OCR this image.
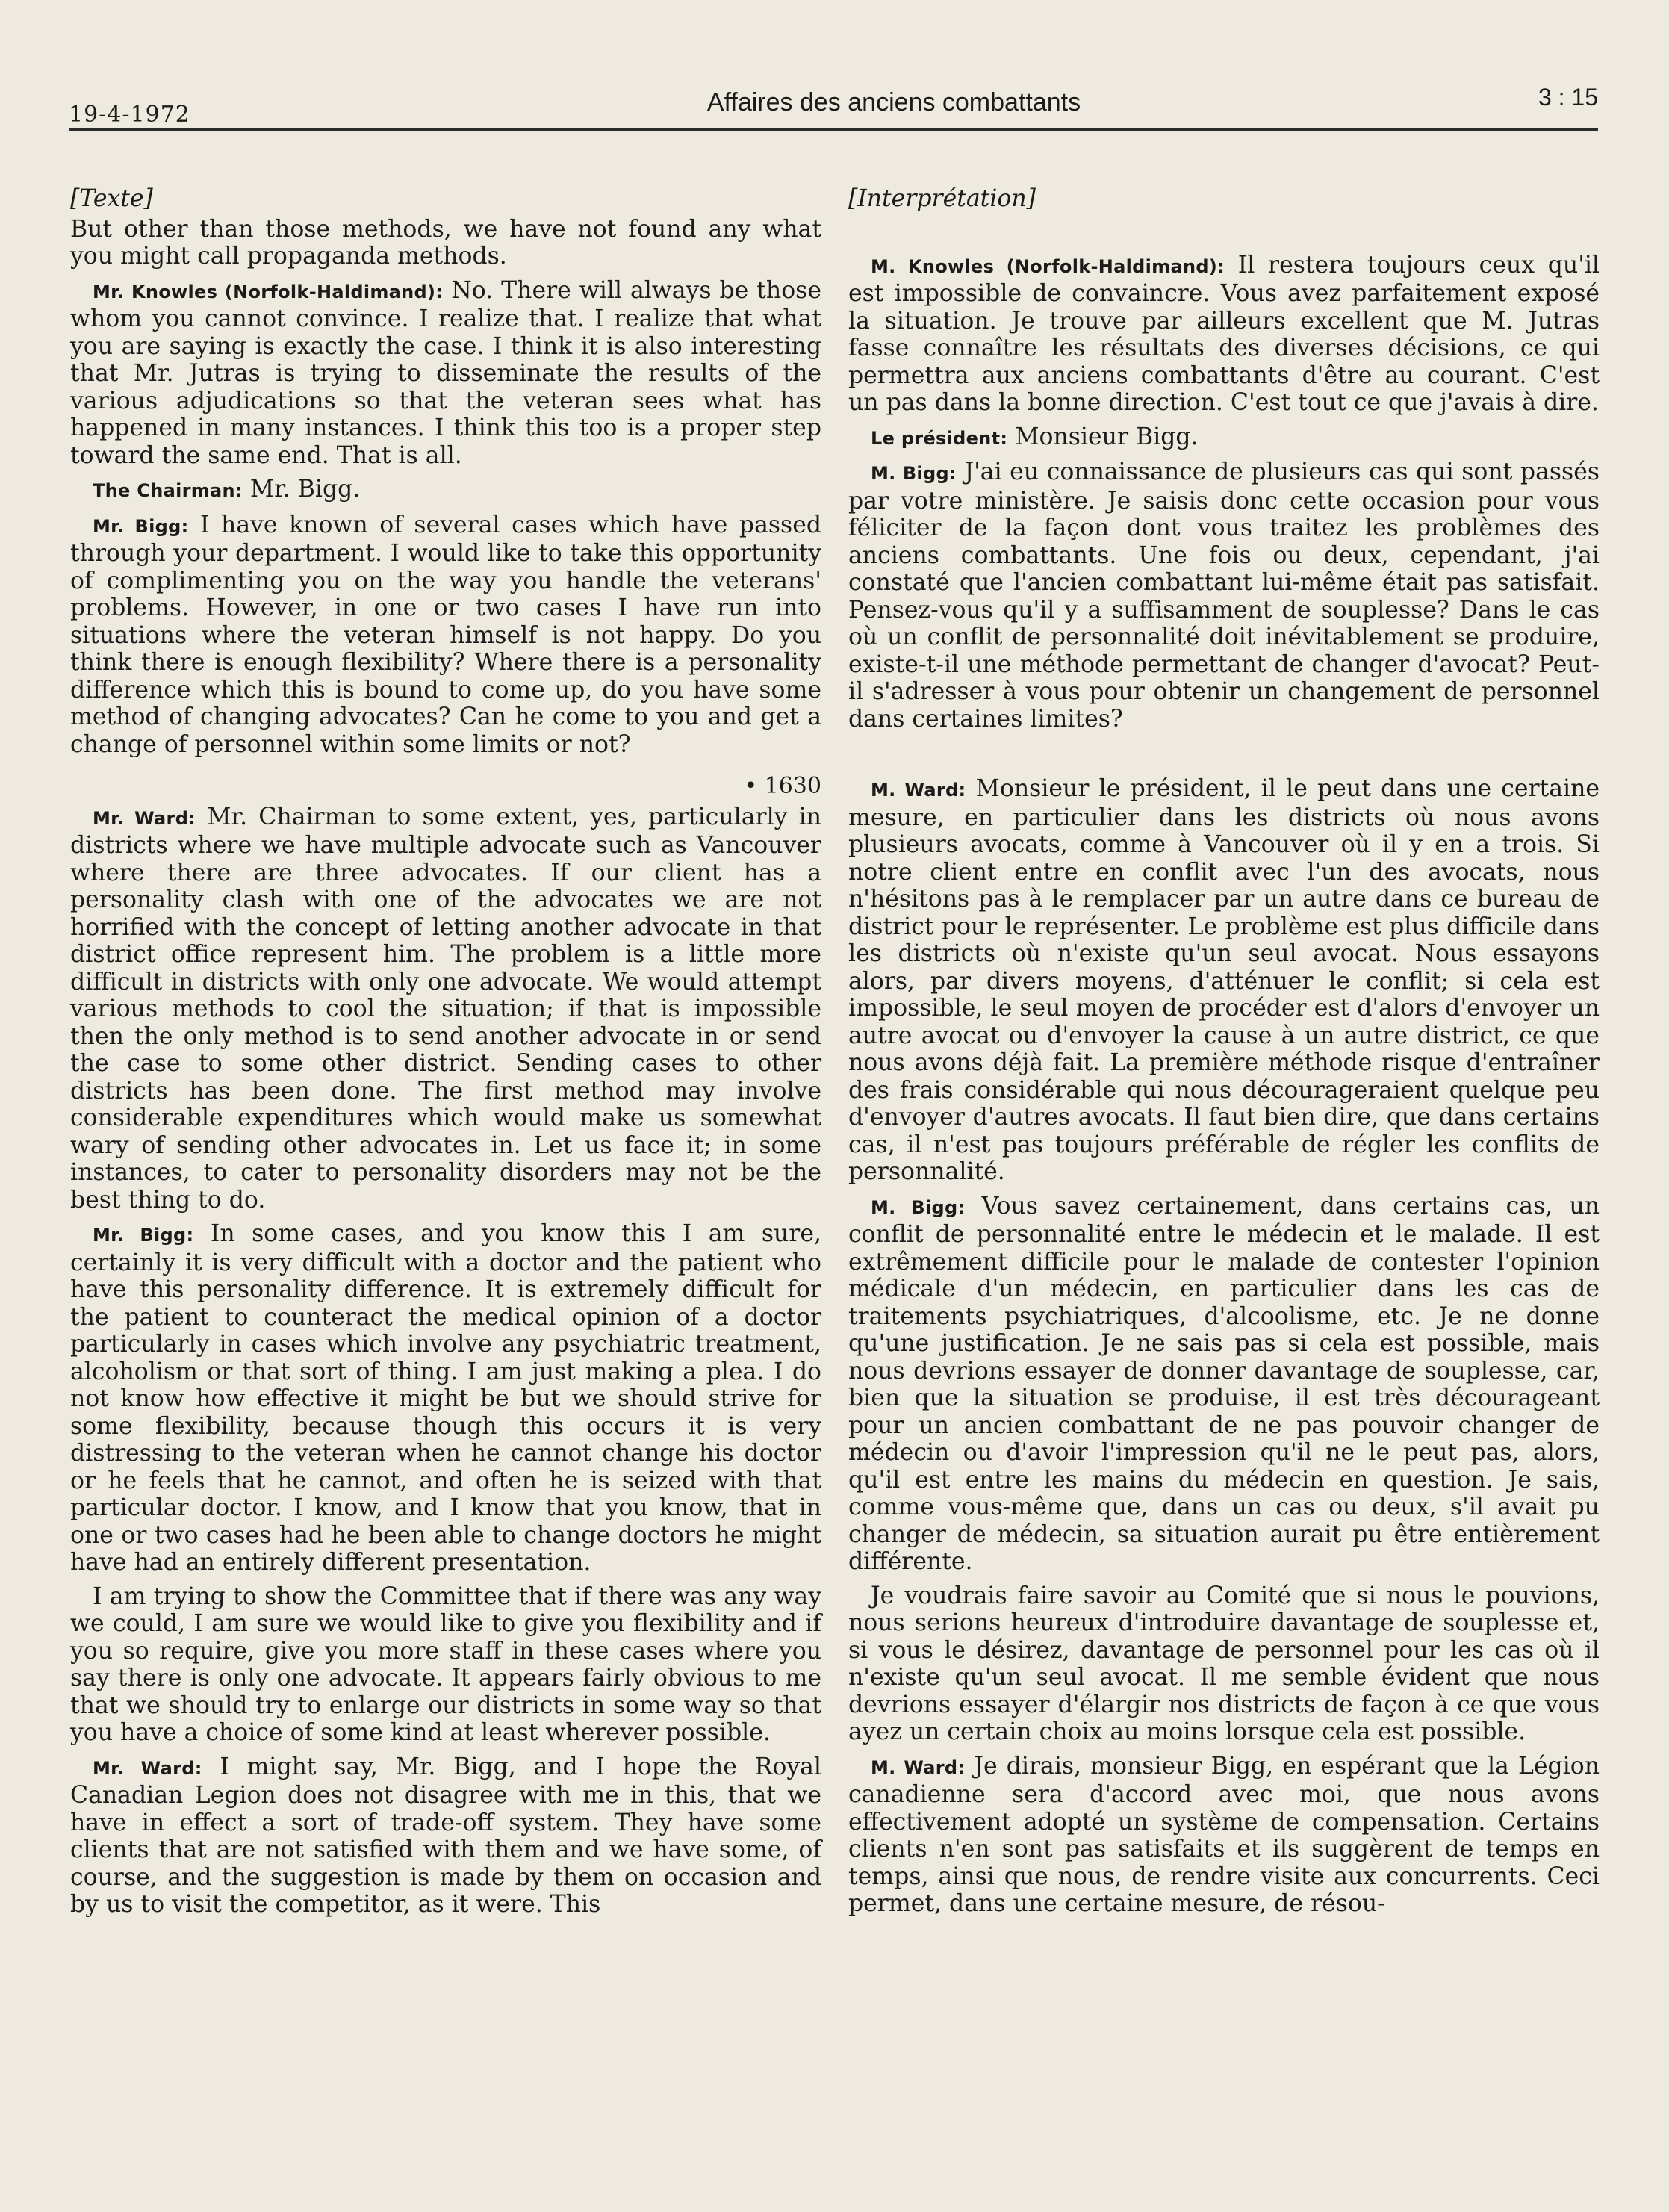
19-4-1972	Affaires des anciens combattants	3 : 15

[Texte]

But other than those methods, we have not found any what you might call propaganda methods.

Mr. Knowles (Norfolk-Haldimand): No. There will always be those whom you cannot convince. I realize that. I realize that what you are saying is exactly the case. I think it is also interesting that Mr. Jutras is trying to disseminate the results of the various adjudications so that the veteran sees what has happened in many instances. I think this too is a proper step toward the same end. That is all.

The Chairman: Mr. Bigg.

Mr. Bigg: I have known of several cases which have passed through your department. I would like to take this opportunity of complimenting you on the way you handle the veterans' problems. However, in one or two cases I have run into situations where the veteran himself is not happy. Do you think there is enough flexibility? Where there is a personality difference which this is bound to come up, do you have some method of changing advocates? Can he come to you and get a change of personnel within some limits or not?

• 1630

Mr. Ward: Mr. Chairman to some extent, yes, particularly in districts where we have multiple advocate such as Vancouver where there are three advocates. If our client has a personality clash with one of the advocates we are not horrified with the concept of letting another advocate in that district office represent him. The problem is a little more difficult in districts with only one advocate. We would attempt various methods to cool the situation; if that is impossible then the only method is to send another advocate in or send the case to some other district. Sending cases to other districts has been done. The first method may involve considerable expenditures which would make us somewhat wary of sending other advocates in. Let us face it; in some instances, to cater to personality disorders may not be the best thing to do.

Mr. Bigg: In some cases, and you know this I am sure, certainly it is very difficult with a doctor and the patient who have this personality difference. It is extremely difficult for the patient to counteract the medical opinion of a doctor particularly in cases which involve any psychiatric treatment, alcoholism or that sort of thing. I am just making a plea. I do not know how effective it might be but we should strive for some flexibility, because though this occurs it is very distressing to the veteran when he cannot change his doctor or he feels that he cannot, and often he is seized with that particular doctor. I know, and I know that you know, that in one or two cases had he been able to change doctors he might have had an entirely different presentation.

I am trying to show the Committee that if there was any way we could, I am sure we would like to give you flexibility and if you so require, give you more staff in these cases where you say there is only one advocate. It appears fairly obvious to me that we should try to enlarge our districts in some way so that you have a choice of some kind at least wherever possible.

Mr. Ward: I might say, Mr. Bigg, and I hope the Royal Canadian Legion does not disagree with me in this, that we have in effect a sort of trade-off system. They have some clients that are not satisfied with them and we have some, of course, and the suggestion is made by them on occasion and by us to visit the competitor, as it were. This

[Interprétation]

M. Knowles (Norfolk-Haldimand): Il restera toujours ceux qu'il est impossible de convaincre. Vous avez parfaitement exposé la situation. Je trouve par ailleurs excellent que M. Jutras fasse connaître les résultats des diverses décisions, ce qui permettra aux anciens combattants d'être au courant. C'est un pas dans la bonne direction. C'est tout ce que j'avais à dire.

Le président: Monsieur Bigg.

M. Bigg: J'ai eu connaissance de plusieurs cas qui sont passés par votre ministère. Je saisis donc cette occasion pour vous féliciter de la façon dont vous traitez les problèmes des anciens combattants. Une fois ou deux, cependant, j'ai constaté que l'ancien combattant lui-même était pas satisfait. Pensez-vous qu'il y a suffisamment de souplesse? Dans le cas où un conflit de personnalité doit inévitablement se produire, existe-t-il une méthode permettant de changer d'avocat? Peut-il s'adresser à vous pour obtenir un changement de personnel dans certaines limites?

M. Ward: Monsieur le président, il le peut dans une certaine mesure, en particulier dans les districts où nous avons plusieurs avocats, comme à Vancouver où il y en a trois. Si notre client entre en conflit avec l'un des avocats, nous n'hésitons pas à le remplacer par un autre dans ce bureau de district pour le représenter. Le problème est plus difficile dans les districts où n'existe qu'un seul avocat. Nous essayons alors, par divers moyens, d'atténuer le conflit; si cela est impossible, le seul moyen de procéder est d'alors d'envoyer un autre avocat ou d'envoyer la cause à un autre district, ce que nous avons déjà fait. La première méthode risque d'entraîner des frais considérable qui nous décourageraient quelque peu d'envoyer d'autres avocats. Il faut bien dire, que dans certains cas, il n'est pas toujours préférable de régler les conflits de personnalité.

M. Bigg: Vous savez certainement, dans certains cas, un conflit de personnalité entre le médecin et le malade. Il est extrêmement difficile pour le malade de contester l'opinion médicale d'un médecin, en particulier dans les cas de traitements psychiatriques, d'alcoolisme, etc. Je ne donne qu'une justification. Je ne sais pas si cela est possible, mais nous devrions essayer de donner davantage de souplesse, car, bien que la situation se produise, il est très décourageant pour un ancien combattant de ne pas pouvoir changer de médecin ou d'avoir l'impression qu'il ne le peut pas, alors, qu'il est entre les mains du médecin en question. Je sais, comme vous-même que, dans un cas ou deux, s'il avait pu changer de médecin, sa situation aurait pu être entièrement différente.

Je voudrais faire savoir au Comité que si nous le pouvions, nous serions heureux d'introduire davantage de souplesse et, si vous le désirez, davantage de personnel pour les cas où il n'existe qu'un seul avocat. Il me semble évident que nous devrions essayer d'élargir nos districts de façon à ce que vous ayez un certain choix au moins lorsque cela est possible.

M. Ward: Je dirais, monsieur Bigg, en espérant que la Légion canadienne sera d'accord avec moi, que nous avons effectivement adopté un système de compensation. Certains clients n'en sont pas satisfaits et ils suggèrent de temps en temps, ainsi que nous, de rendre visite aux concurrents. Ceci permet, dans une certaine mesure, de résou-
